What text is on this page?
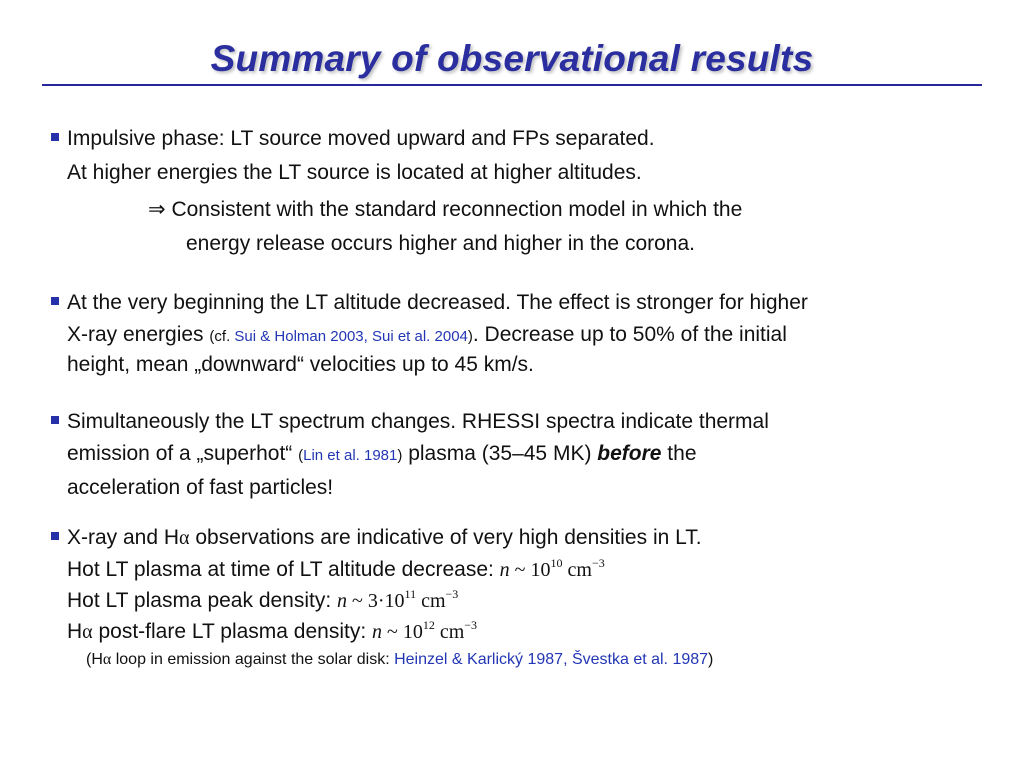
Summary of observational results
Impulsive phase: LT source moved upward and FPs separated.
At higher energies the LT source is located at higher altitudes.
⇒ Consistent with the standard reconnection model in which the
energy release occurs higher and higher in the corona.
At the very beginning the LT altitude decreased. The effect is stronger for higher
X-ray energies (cf. Sui & Holman 2003, Sui et al. 2004). Decrease up to 50% of the initial
height, mean „downward“ velocities up to 45 km/s.
Simultaneously the LT spectrum changes. RHESSI spectra indicate thermal
emission of a „superhot“ (Lin et al. 1981) plasma (35–45 MK) before the
acceleration of fast particles!
X-ray and Hα observations are indicative of very high densities in LT.
Hot LT plasma at time of LT altitude decrease: n ~ $10^{10}$ $cm^{-3}$
Hot LT plasma peak density: n ~ $3\cdot 10^{11}$ $cm^{-3}$
Hα post-flare LT plasma density: n ~ $10^{12}$ $cm^{-3}$
(Hα loop in emission against the solar disk: Heinzel & Karlický 1987, Švestka et al. 1987)
